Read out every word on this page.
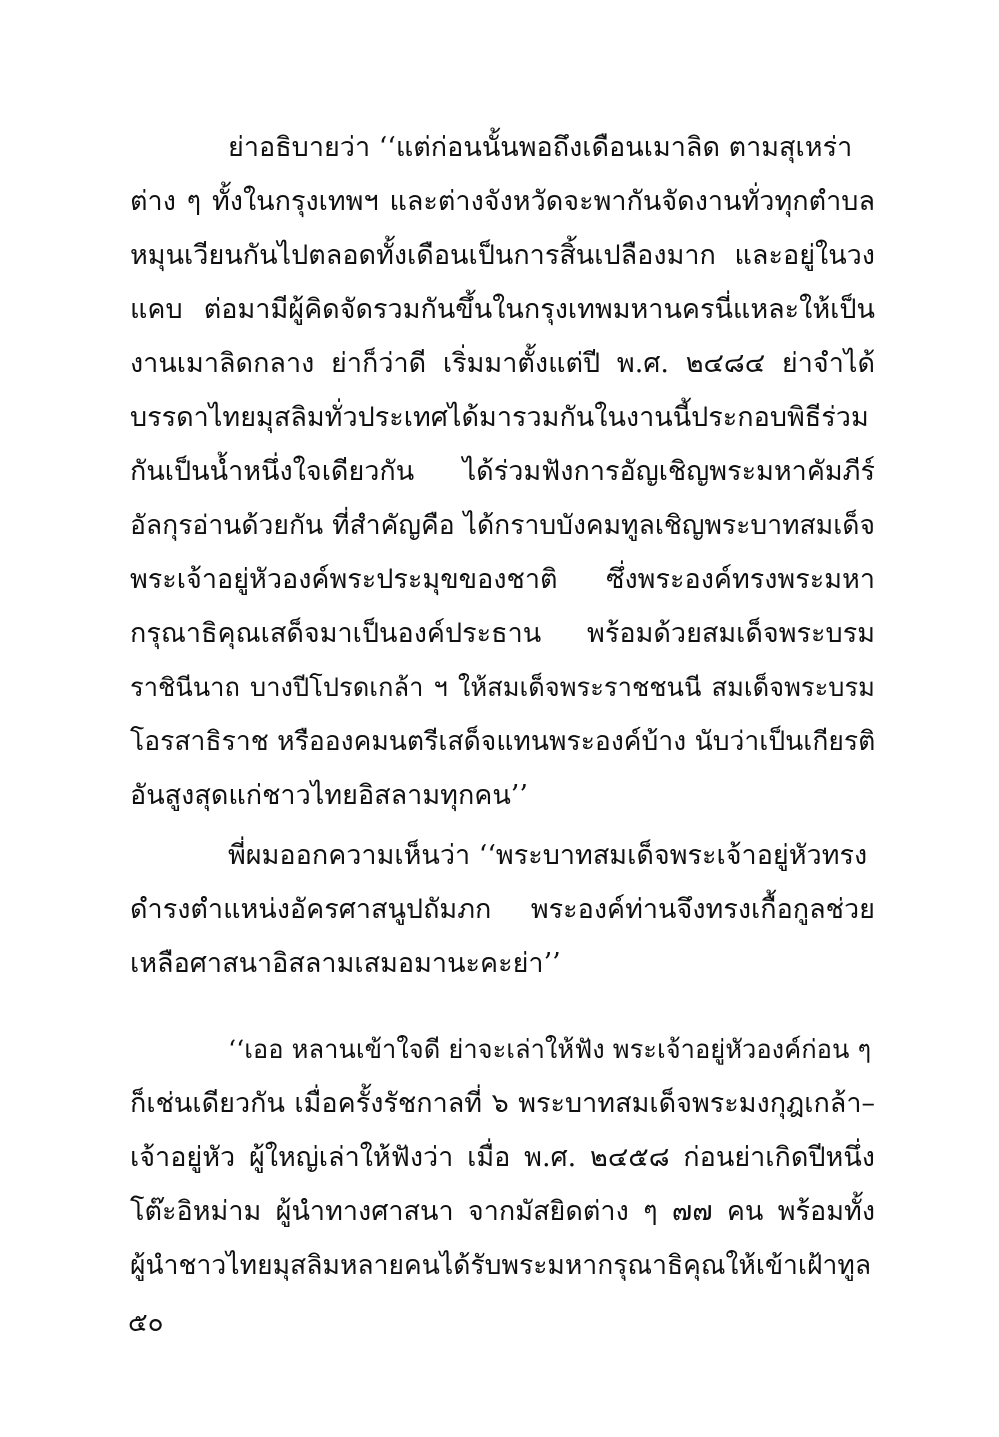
ย่าอธิบายว่า ‘‘แต่ก่อนนั้นพอถึงเดือนเมาลิด ตามสุเหร่า
ต่าง ๆ ทั้งในกรุงเทพฯ และต่างจังหวัดจะพากันจัดงานทั่วทุกตำบล
หมุนเวียนกันไปตลอดทั้งเดือนเป็นการสิ้นเปลืองมาก และอยู่ในวง
แคบ ต่อมามีผู้คิดจัดรวมกันขึ้นในกรุงเทพมหานครนี่แหละให้เป็น
งานเมาลิดกลาง ย่าก็ว่าดี เริ่มมาตั้งแต่ปี พ.ศ. ๒๔๘๔ ย่าจำได้
บรรดาไทยมุสลิมทั่วประเทศได้มารวมกันในงานนี้ประกอบพิธีร่วม
กันเป็นน้ำหนึ่งใจเดียวกัน ได้ร่วมฟังการอัญเชิญพระมหาคัมภีร์
อัลกุรอ่านด้วยกัน ที่สำคัญคือ ได้กราบบังคมทูลเชิญพระบาทสมเด็จ
พระเจ้าอยู่หัวองค์พระประมุขของชาติ ซึ่งพระองค์ทรงพระมหา
กรุณาธิคุณเสด็จมาเป็นองค์ประธาน พร้อมด้วยสมเด็จพระบรม
ราชินีนาถ บางปีโปรดเกล้า ฯ ให้สมเด็จพระราชชนนี สมเด็จพระบรม
โอรสาธิราช หรือองคมนตรีเสด็จแทนพระองค์บ้าง นับว่าเป็นเกียรติ
อันสูงสุดแก่ชาวไทยอิสลามทุกคน’’
พี่ผมออกความเห็นว่า ‘‘พระบาทสมเด็จพระเจ้าอยู่หัวทรง
ดำรงตำแหน่งอัครศาสนูปถัมภก พระองค์ท่านจึงทรงเกื้อกูลช่วย
เหลือศาสนาอิสลามเสมอมานะคะย่า’’
‘‘เออ หลานเข้าใจดี ย่าจะเล่าให้ฟัง พระเจ้าอยู่หัวองค์ก่อน ๆ
ก็เช่นเดียวกัน เมื่อครั้งรัชกาลที่ ๖ พระบาทสมเด็จพระมงกุฎเกล้า–
เจ้าอยู่หัว ผู้ใหญ่เล่าให้ฟังว่า เมื่อ พ.ศ. ๒๔๕๘ ก่อนย่าเกิดปีหนึ่ง
โต๊ะอิหม่าม ผู้นำทางศาสนา จากมัสยิดต่าง ๆ ๗๗ คน พร้อมทั้ง
ผู้นำชาวไทยมุสลิมหลายคนได้รับพระมหากรุณาธิคุณให้เข้าเฝ้าทูล
๕๐
